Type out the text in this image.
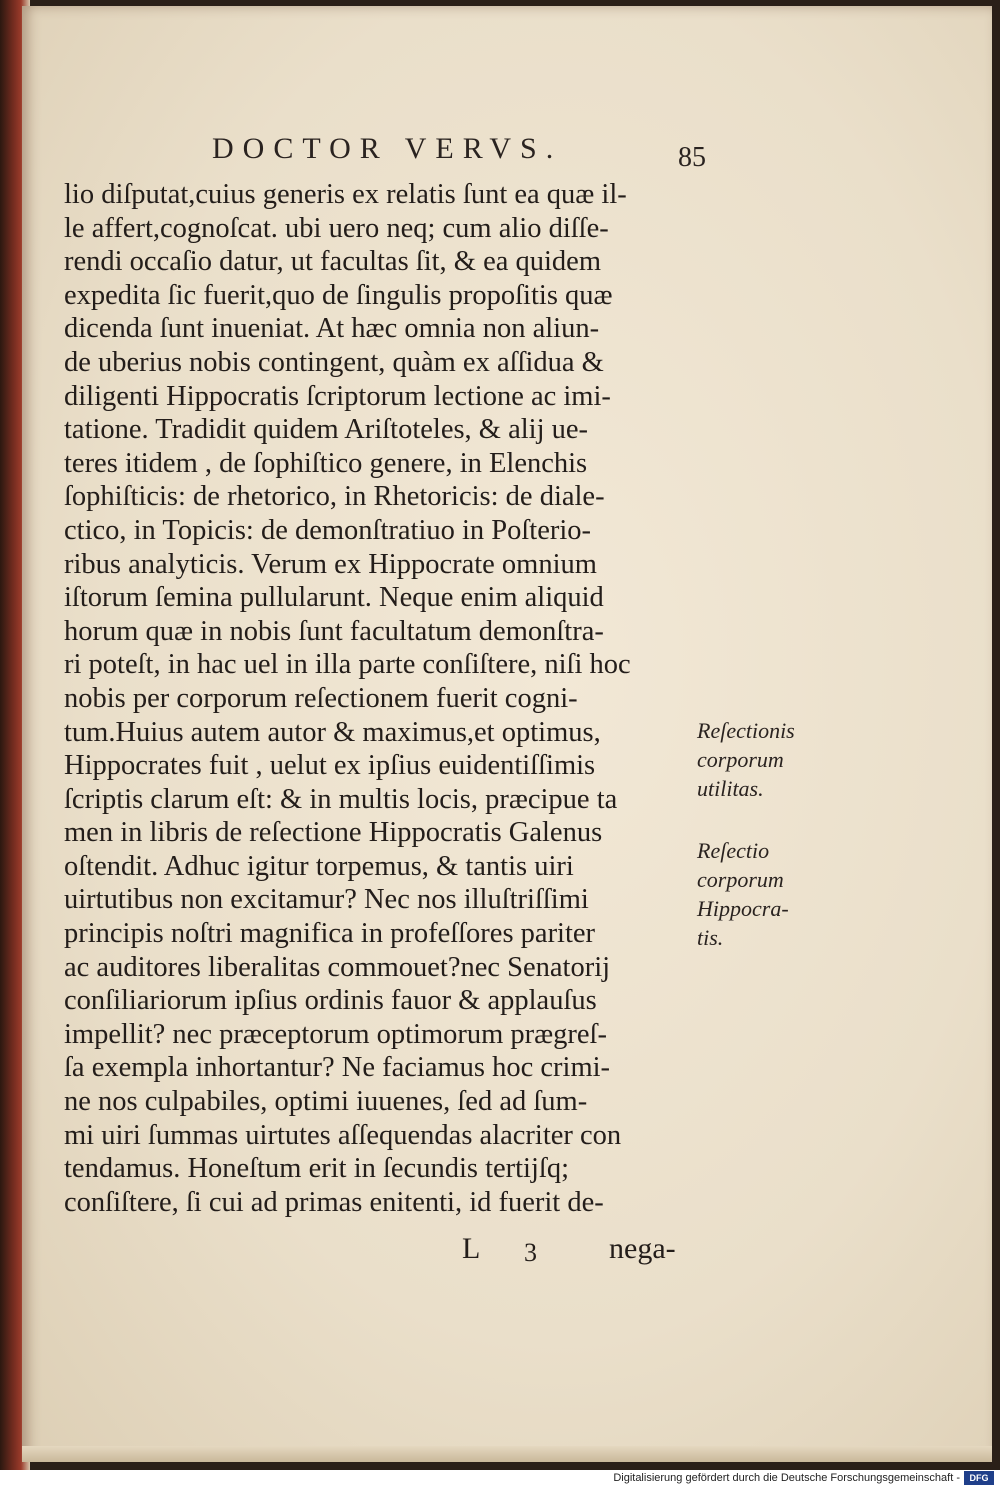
DOCTOR VERVS.	85
lio diſputat,cuius generis ex relatis ſunt ea quæ il-
le affert,cognoſcat. ubi uero neq; cum alio diſſe-
rendi occaſio datur, ut facultas ſit, & ea quidem
expedita ſic fuerit,quo de ſingulis propoſitis quæ
dicenda ſunt inueniat. At hæc omnia non aliun-
de uberius nobis contingent, quàm ex aſſidua &
diligenti Hippocratis ſcriptorum lectione ac imi-
tatione. Tradidit quidem Ariſtoteles, & alij ue-
teres itidem , de ſophiſtico genere, in Elenchis
ſophiſticis: de rhetorico, in Rhetoricis: de diale-
ctico, in Topicis: de demonſtratiuo in Poſterio-
ribus analyticis. Verum ex Hippocrate omnium
iſtorum ſemina pullularunt. Neque enim aliquid
horum quæ in nobis ſunt facultatum demonſtra-
ri poteſt, in hac uel in illa parte conſiſtere, niſi hoc
nobis per corporum reſectionem fuerit cogni-
tum.Huius autem autor & maximus,et optimus,
Hippocrates fuit , uelut ex ipſius euidentiſſimis
ſcriptis clarum eſt: & in multis locis, præcipue ta
men in libris de reſectione Hippocratis Galenus
oſtendit. Adhuc igitur torpemus, & tantis uiri
uirtutibus non excitamur? Nec nos illuſtriſſimi
principis noſtri magnifica in profeſſores pariter
ac auditores liberalitas commouet?nec Senatorij
conſiliariorum ipſius ordinis fauor & applauſus
impellit? nec præceptorum optimorum prægreſ-
ſa exempla inhortantur? Ne faciamus hoc crimi-
ne nos culpabiles, optimi iuuenes, ſed ad ſum-
mi uiri ſummas uirtutes aſſequendas alacriter con
tendamus. Honeſtum erit in ſecundis tertijſq;
conſiſtere, ſi cui ad primas enitenti, id fuerit de-
L 3 nega-
Reſectionis
corporum
utilitas.
Reſectio
corporum
Hippocra-
tis.
Digitalisierung gefördert durch die Deutsche Forschungsgemeinschaft -	DFG
